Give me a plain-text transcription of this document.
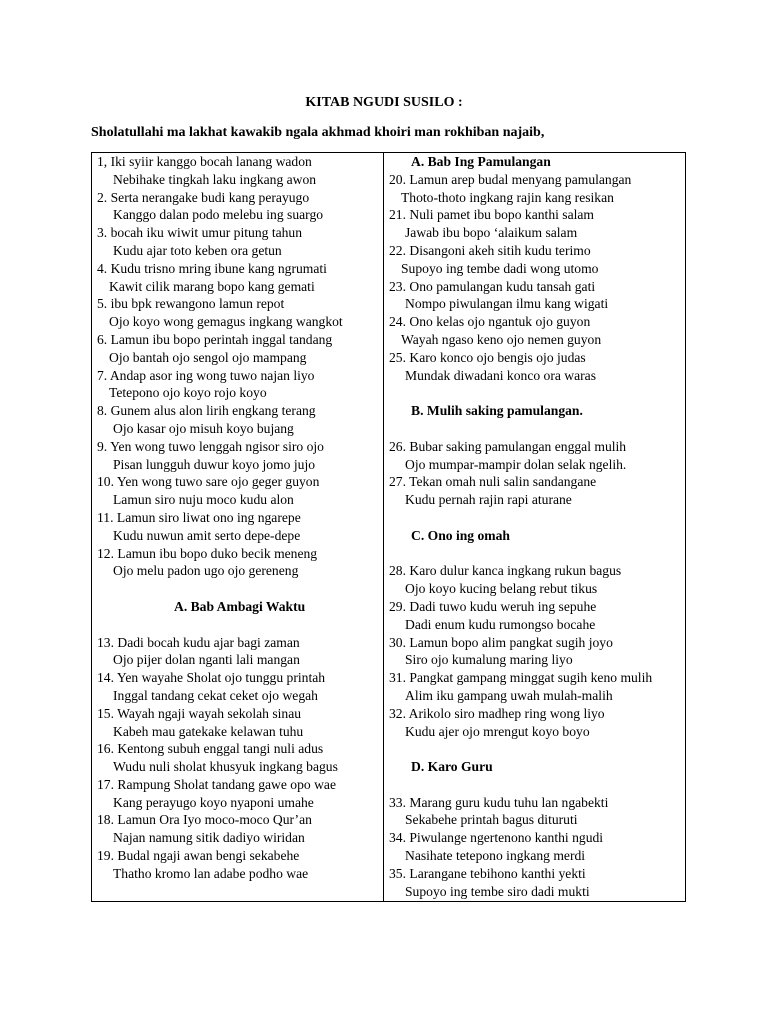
KITAB NGUDI SUSILO :
Sholatullahi ma lakhat kawakib ngala akhmad khoiri man rokhiban najaib,
1, Iki syiir kanggo bocah lanang wadon
Nebihake tingkah laku ingkang awon
2. Serta nerangake budi kang perayugo
Kanggo dalan podo melebu ing suargo
3. bocah iku wiwit umur pitung tahun
Kudu ajar toto keben ora getun
4. Kudu trisno mring ibune kang ngrumati
Kawit cilik marang bopo kang gemati
5. ibu bpk rewangono lamun repot
Ojo koyo wong gemagus ingkang wangkot
6. Lamun ibu bopo perintah inggal tandang
Ojo bantah ojo sengol ojo mampang
7. Andap asor ing wong tuwo najan liyo
Tetepono ojo koyo rojo koyo
8. Gunem alus alon lirih engkang terang
Ojo kasar ojo misuh koyo bujang
9. Yen wong tuwo lenggah ngisor siro ojo
Pisan lungguh duwur koyo jomo jujo
10. Yen wong tuwo sare ojo geger guyon
Lamun siro nuju moco kudu alon
11. Lamun siro liwat ono ing ngarepe
Kudu nuwun amit serto depe-depe
12. Lamun ibu bopo duko becik meneng
Ojo melu padon ugo ojo gereneng
A. Bab Ambagi Waktu
13. Dadi bocah kudu ajar bagi zaman
Ojo pijer dolan nganti lali mangan
14. Yen wayahe Sholat ojo tunggu printah
Inggal tandang cekat ceket ojo wegah
15. Wayah ngaji wayah sekolah sinau
Kabeh mau gatekake kelawan tuhu
16. Kentong subuh enggal tangi nuli adus
Wudu nuli sholat khusyuk ingkang bagus
17. Rampung Sholat tandang gawe opo wae
Kang perayugo koyo nyaponi umahe
18. Lamun Ora Iyo moco-moco Qur’an
Najan namung sitik dadiyo wiridan
19. Budal ngaji awan bengi sekabehe
Thatho kromo lan adabe podho wae
A. Bab Ing Pamulangan
20. Lamun arep budal menyang pamulangan
Thoto-thoto ingkang rajin kang resikan
21. Nuli pamet ibu bopo kanthi salam
Jawab ibu bopo ‘alaikum salam
22. Disangoni akeh sitih kudu terimo
Supoyo ing tembe dadi wong utomo
23. Ono pamulangan kudu tansah gati
Nompo piwulangan ilmu kang wigati
24. Ono kelas ojo ngantuk ojo guyon
Wayah ngaso keno ojo nemen guyon
25. Karo konco ojo bengis ojo judas
Mundak diwadani konco ora waras
B. Mulih saking pamulangan.
26. Bubar saking pamulangan enggal mulih
Ojo mumpar-mampir dolan selak ngelih.
27. Tekan omah nuli salin sandangane
Kudu pernah rajin rapi aturane
C. Ono ing omah
28. Karo dulur kanca ingkang rukun bagus
Ojo koyo kucing belang rebut tikus
29. Dadi tuwo kudu weruh ing sepuhe
Dadi enum kudu rumongso bocahe
30. Lamun bopo alim pangkat sugih joyo
Siro ojo kumalung maring liyo
31. Pangkat gampang minggat sugih keno mulih
Alim iku gampang uwah mulah-malih
32. Arikolo siro madhep ring wong liyo
Kudu ajer ojo mrengut koyo boyo
D. Karo Guru
33. Marang guru kudu tuhu lan ngabekti
Sekabehe printah bagus dituruti
34. Piwulange ngertenono kanthi ngudi
Nasihate tetepono ingkang merdi
35. Larangane tebihono kanthi yekti
Supoyo ing tembe siro dadi mukti
